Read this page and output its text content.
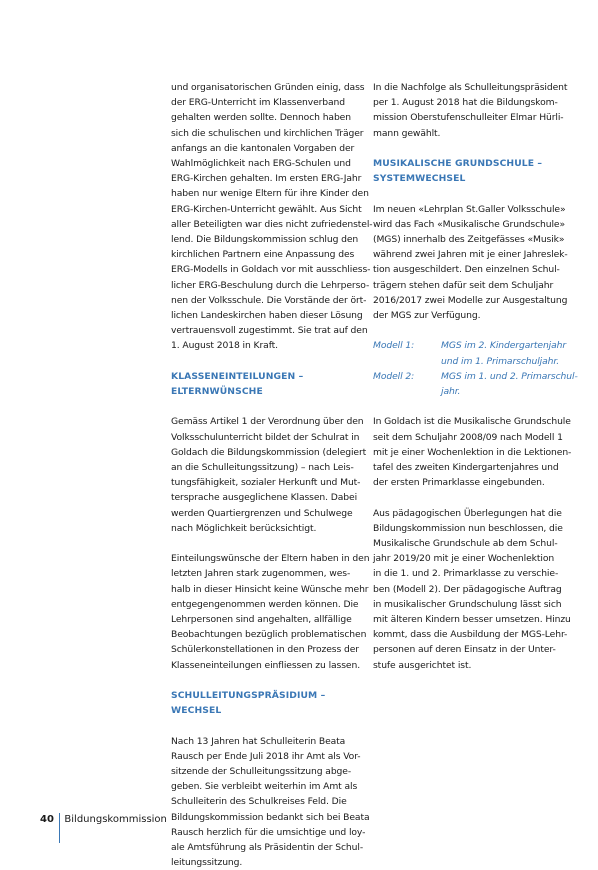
und organisatorischen Gründen einig, dass
der ERG-Unterricht im Klassenverband
gehalten werden sollte. Dennoch haben
sich die schulischen und kirchlichen Träger
anfangs an die kantonalen Vorgaben der
Wahlmöglichkeit nach ERG-Schulen und
ERG-Kirchen gehalten. Im ersten ERG-Jahr
haben nur wenige Eltern für ihre Kinder den
ERG-Kirchen-Unterricht gewählt. Aus Sicht
aller Beteiligten war dies nicht zufriedenstel-
lend. Die Bildungskommission schlug den
kirchlichen Partnern eine Anpassung des
ERG-Modells in Goldach vor mit ausschliess-
licher ERG-Beschulung durch die Lehrperso-
nen der Volksschule. Die Vorstände der ört-
lichen Landeskirchen haben dieser Lösung
vertrauensvoll zugestimmt. Sie trat auf den
1. August 2018 in Kraft.

KLASSENEINTEILUNGEN –
ELTERNWÜNSCHE

Gemäss Artikel 1 der Verordnung über den
Volksschulunterricht bildet der Schulrat in
Goldach die Bildungskommission (delegiert
an die Schulleitungssitzung) – nach Leis-
tungsfähigkeit, sozialer Herkunft und Mut-
tersprache ausgeglichene Klassen. Dabei
werden Quartiergrenzen und Schulwege
nach Möglichkeit berücksichtigt.

Einteilungswünsche der Eltern haben in den
letzten Jahren stark zugenommen, wes-
halb in dieser Hinsicht keine Wünsche mehr
entgegengenommen werden können. Die
Lehrpersonen sind angehalten, allfällige
Beobachtungen bezüglich problematischen
Schülerkonstellationen in den Prozess der
Klasseneinteilungen einfliessen zu lassen.

SCHULLEITUNGSPRÄSIDIUM – WECHSEL

Nach 13 Jahren hat Schulleiterin Beata
Rausch per Ende Juli 2018 ihr Amt als Vor-
sitzende der Schulleitungssitzung abge-
geben. Sie verbleibt weiterhin im Amt als
Schulleiterin des Schulkreises Feld. Die
Bildungskommission bedankt sich bei Beata
Rausch herzlich für die umsichtige und loy-
ale Amtsführung als Präsidentin der Schul-
leitungssitzung.

In die Nachfolge als Schulleitungspräsident
per 1. August 2018 hat die Bildungskom-
mission Oberstufenschulleiter Elmar Hürli-
mann gewählt.

MUSIKALISCHE GRUNDSCHULE –
SYSTEMWECHSEL

Im neuen «Lehrplan St.Galler Volksschule»
wird das Fach «Musikalische Grundschule»
(MGS) innerhalb des Zeitgefässes «Musik»
während zwei Jahren mit je einer Jahreslek-
tion ausgeschildert. Den einzelnen Schul-
trägern stehen dafür seit dem Schuljahr
2016/2017 zwei Modelle zur Ausgestaltung
der MGS zur Verfügung.

Modell 1:	MGS im 2. Kindergartenjahr
und im 1. Primarschuljahr.
Modell 2:	MGS im 1. und 2. Primarschul-
jahr.

In Goldach ist die Musikalische Grundschule
seit dem Schuljahr 2008/09 nach Modell 1
mit je einer Wochenlektion in die Lektionen-
tafel des zweiten Kindergartenjahres und
der ersten Primarklasse eingebunden.

Aus pädagogischen Überlegungen hat die
Bildungskommission nun beschlossen, die
Musikalische Grundschule ab dem Schul-
jahr 2019/20 mit je einer Wochenlektion
in die 1. und 2. Primarklasse zu verschie-
ben (Modell 2). Der pädagogische Auftrag
in musikalischer Grundschulung lässt sich
mit älteren Kindern besser umsetzen. Hinzu
kommt, dass die Ausbildung der MGS-Lehr-
personen auf deren Einsatz in der Unter-
stufe ausgerichtet ist.

40 Bildungskommission
